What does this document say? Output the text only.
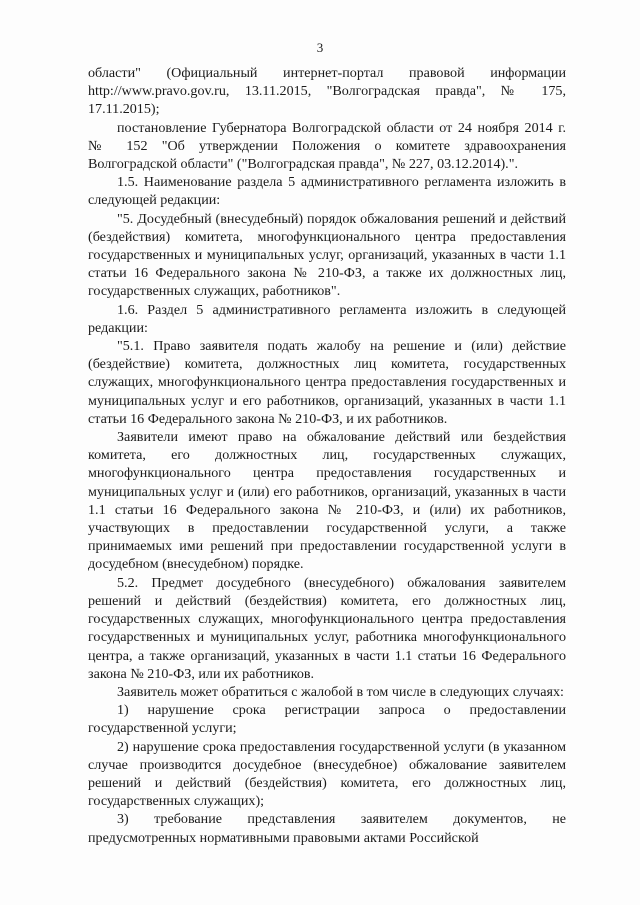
3

области" (Официальный интернет-портал правовой информации http://www.pravo.gov.ru, 13.11.2015, "Волгоградская правда", № 175, 17.11.2015);

постановление Губернатора Волгоградской области от 24 ноября 2014 г. № 152 "Об утверждении Положения о комитете здравоохранения Волгоградской области" ("Волгоградская правда", № 227, 03.12.2014).".

1.5. Наименование раздела 5 административного регламента изложить в следующей редакции:

"5. Досудебный (внесудебный) порядок обжалования решений и действий (бездействия) комитета, многофункционального центра предоставления государственных и муниципальных услуг, организаций, указанных в части 1.1 статьи 16 Федерального закона № 210-ФЗ, а также их должностных лиц, государственных служащих, работников".

1.6. Раздел 5 административного регламента изложить в следующей редакции:

"5.1. Право заявителя подать жалобу на решение и (или) действие (бездействие) комитета, должностных лиц комитета, государственных служащих, многофункционального центра предоставления государственных и муниципальных услуг и его работников, организаций, указанных в части 1.1 статьи 16 Федерального закона № 210-ФЗ, и их работников.

Заявители имеют право на обжалование действий или бездействия комитета, его должностных лиц, государственных служащих, многофункционального центра предоставления государственных и муниципальных услуг и (или) его работников, организаций, указанных в части 1.1 статьи 16 Федерального закона № 210-ФЗ, и (или) их работников, участвующих в предоставлении государственной услуги, а также принимаемых ими решений при предоставлении государственной услуги в досудебном (внесудебном) порядке.

5.2. Предмет досудебного (внесудебного) обжалования заявителем решений и действий (бездействия) комитета, его должностных лиц, государственных служащих, многофункционального центра предоставления государственных и муниципальных услуг, работника многофункционального центра, а также организаций, указанных в части 1.1 статьи 16 Федерального закона № 210-ФЗ, или их работников.

Заявитель может обратиться с жалобой в том числе в следующих случаях:

1) нарушение срока регистрации запроса о предоставлении государственной услуги;

2) нарушение срока предоставления государственной услуги (в указанном случае производится досудебное (внесудебное) обжалование заявителем решений и действий (бездействия) комитета, его должностных лиц, государственных служащих);

3) требование представления заявителем документов, не предусмотренных нормативными правовыми актами Российской
